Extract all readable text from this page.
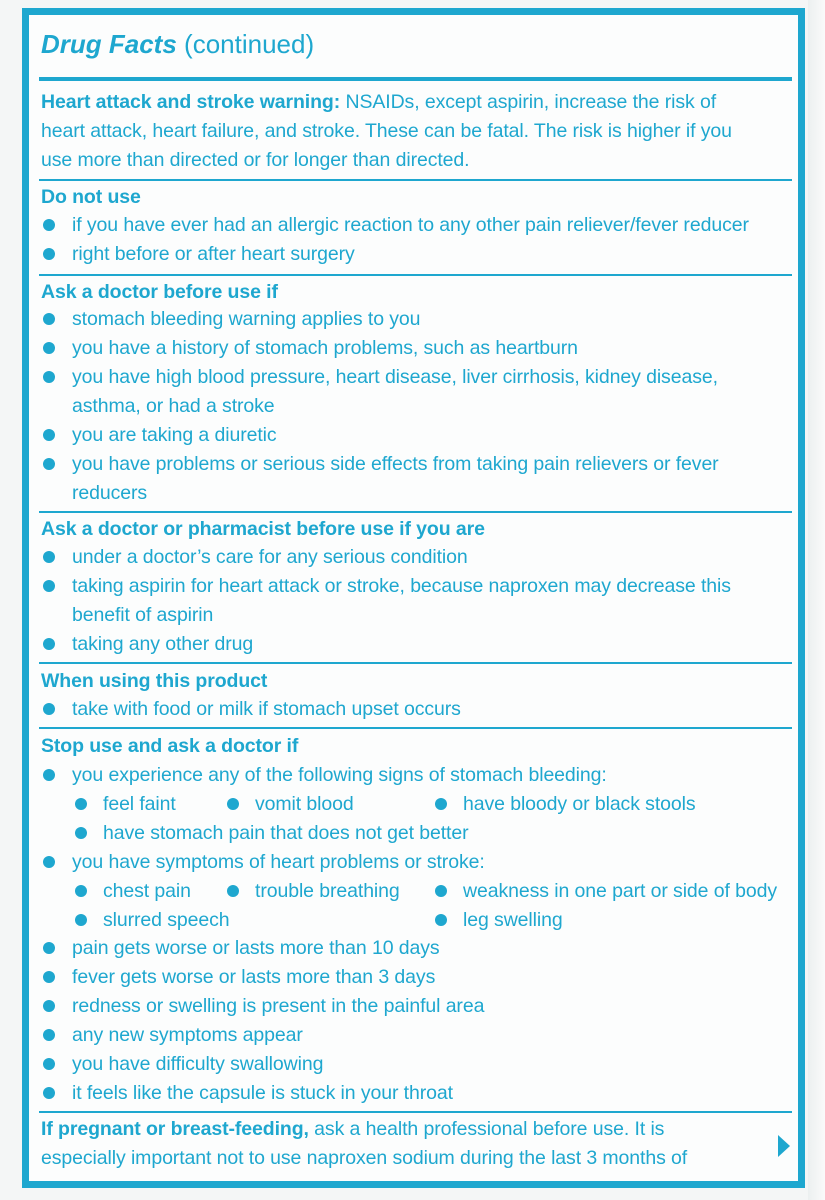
Drug Facts (continued)
Heart attack and stroke warning: NSAIDs, except aspirin, increase the risk of
heart attack, heart failure, and stroke. These can be fatal. The risk is higher if you
use more than directed or for longer than directed.
Do not use
if you have ever had an allergic reaction to any other pain reliever/fever reducer
right before or after heart surgery
Ask a doctor before use if
stomach bleeding warning applies to you
you have a history of stomach problems, such as heartburn
you have high blood pressure, heart disease, liver cirrhosis, kidney disease,
asthma, or had a stroke
you are taking a diuretic
you have problems or serious side effects from taking pain relievers or fever
reducers
Ask a doctor or pharmacist before use if you are
under a doctor’s care for any serious condition
taking aspirin for heart attack or stroke, because naproxen may decrease this
benefit of aspirin
taking any other drug
When using this product
take with food or milk if stomach upset occurs
Stop use and ask a doctor if
you experience any of the following signs of stomach bleeding:
feel faint	vomit blood	have bloody or black stools
have stomach pain that does not get better
you have symptoms of heart problems or stroke:
chest pain	trouble breathing	weakness in one part or side of body
slurred speech	leg swelling
pain gets worse or lasts more than 10 days
fever gets worse or lasts more than 3 days
redness or swelling is present in the painful area
any new symptoms appear
you have difficulty swallowing
it feels like the capsule is stuck in your throat
If pregnant or breast-feeding, ask a health professional before use. It is
especially important not to use naproxen sodium during the last 3 months of
